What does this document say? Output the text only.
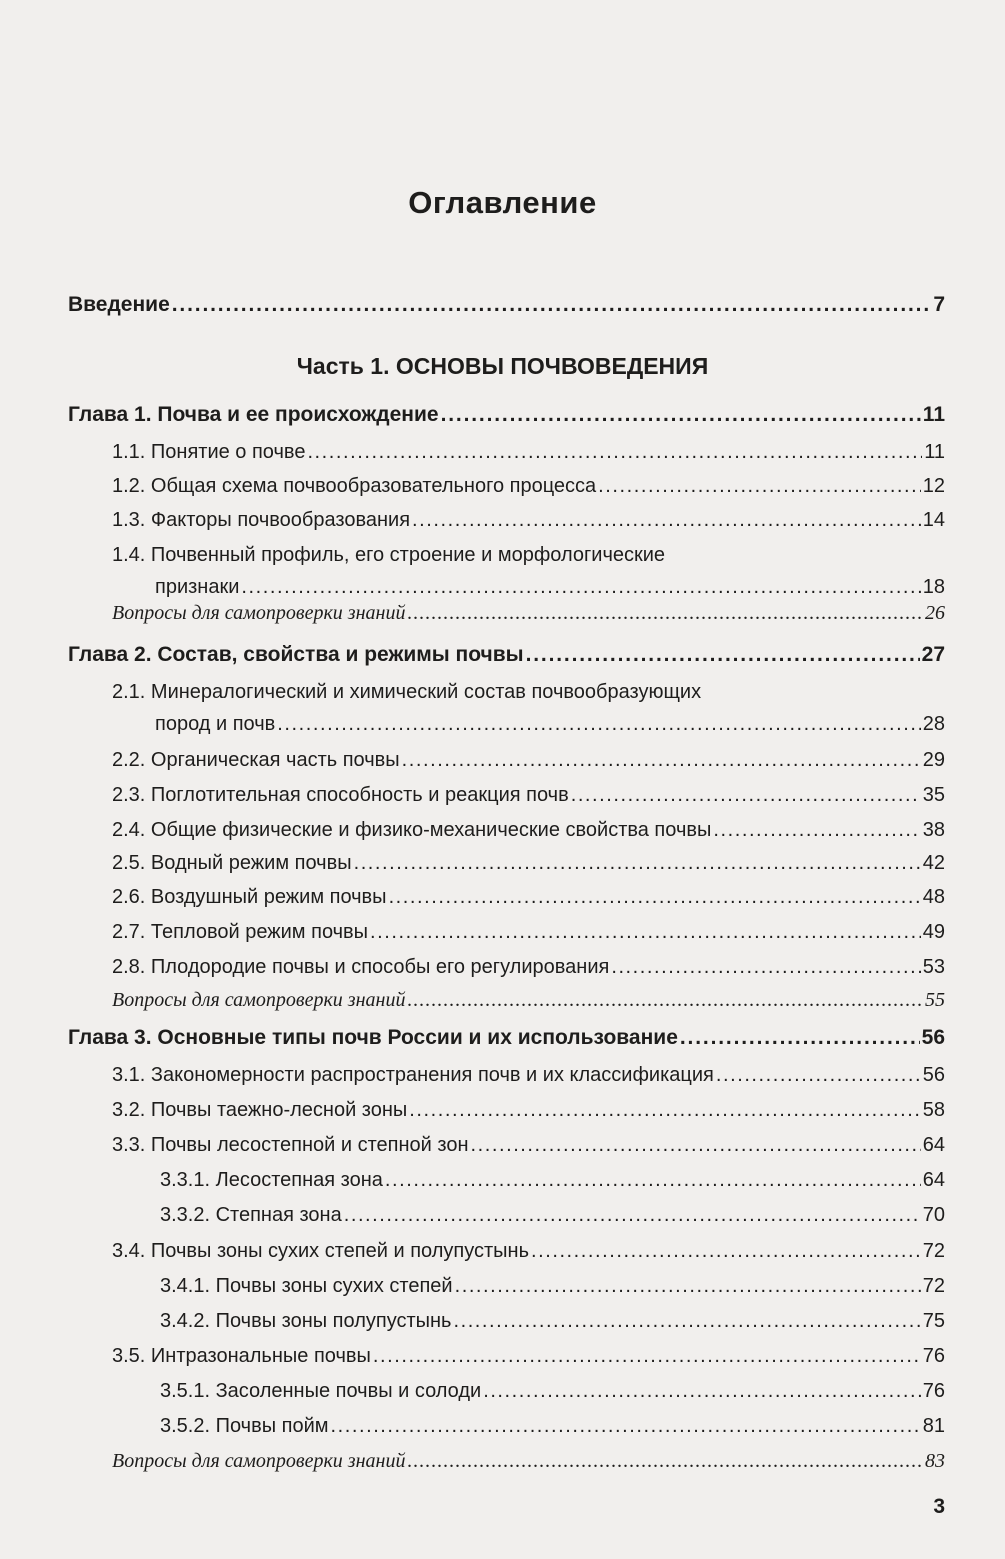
Оглавление
Введение . . .	7
Часть 1. ОСНОВЫ ПОЧВОВЕДЕНИЯ
Глава 1. Почва и ее происхождение . . .	11
1.1. Понятие о почве . . .	11
1.2. Общая схема почвообразовательного процесса . . .	12
1.3. Факторы почвообразования . . .	14
1.4. Почвенный профиль, его строение и морфологические
признаки . . .	18
Вопросы для самопроверки знаний . . .	26
Глава 2. Состав, свойства и режимы почвы . . .	27
2.1. Минералогический и химический состав почвообразующих
пород и почв . . .	28
2.2. Органическая часть почвы . . .	29
2.3. Поглотительная способность и реакция почв . . .	35
2.4. Общие физические и физико-механические свойства почвы . . .	38
2.5. Водный режим почвы . . .	42
2.6. Воздушный режим почвы . . .	48
2.7. Тепловой режим почвы . . .	49
2.8. Плодородие почвы и способы его регулирования . . .	53
Вопросы для самопроверки знаний . . .	55
Глава 3. Основные типы почв России и их использование . . .	56
3.1. Закономерности распространения почв и их классификация . . .	56
3.2. Почвы таежно-лесной зоны . . .	58
3.3. Почвы лесостепной и степной зон . . .	64
3.3.1. Лесостепная зона . . .	64
3.3.2. Степная зона . . .	70
3.4. Почвы зоны сухих степей и полупустынь . . .	72
3.4.1. Почвы зоны сухих степей . . .	72
3.4.2. Почвы зоны полупустынь . . .	75
3.5. Интразональные почвы . . .	76
3.5.1. Засоленные почвы и солоди . . .	76
3.5.2. Почвы пойм . . .	81
Вопросы для самопроверки знаний . . .	83
3
